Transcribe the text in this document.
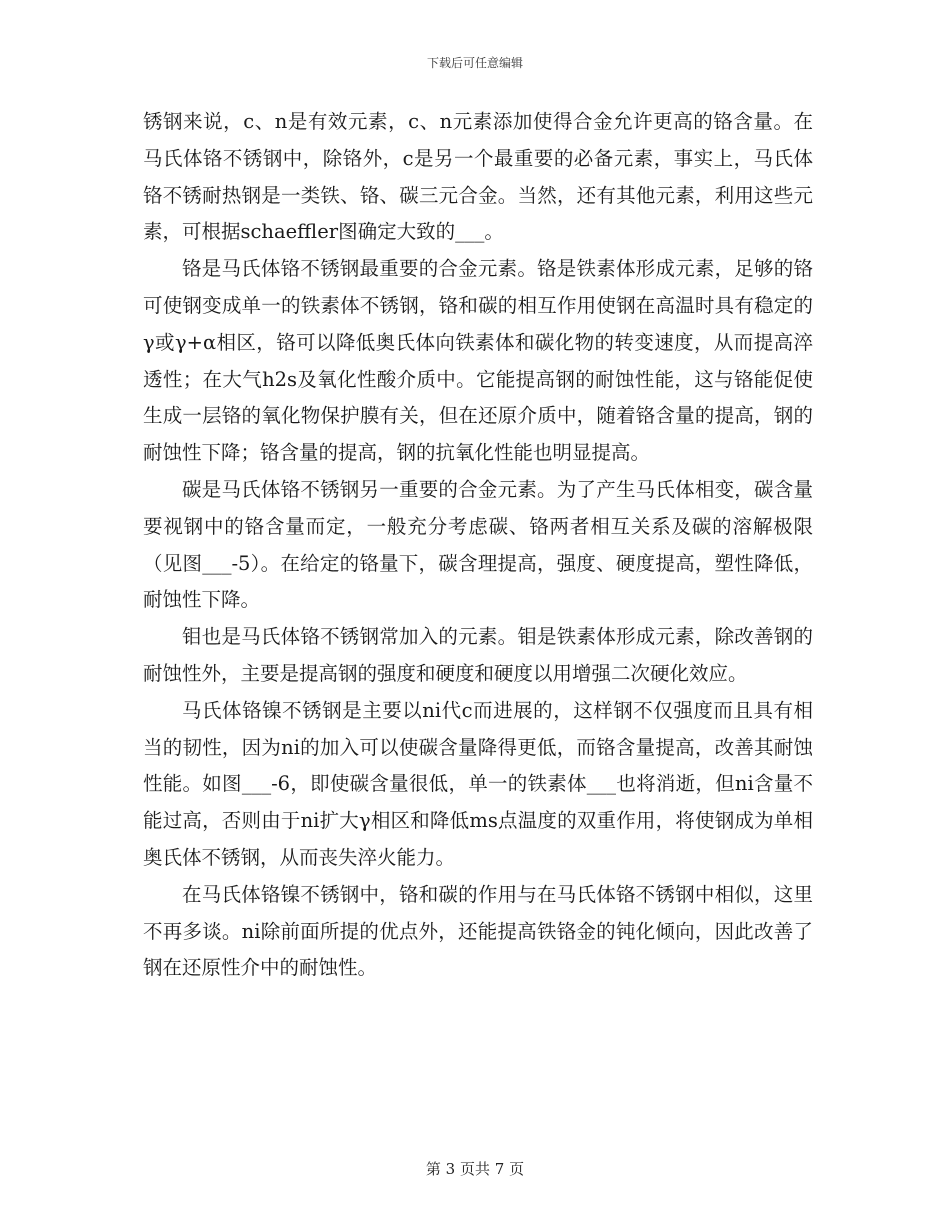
下载后可任意编辑

锈钢来说，c、n是有效元素，c、n元素添加使得合金允许更高的铬含量。在马氏体铬不锈钢中，除铬外，c是另一个最重要的必备元素，事实上，马氏体铬不锈耐热钢是一类铁、铬、碳三元合金。当然，还有其他元素，利用这些元素，可根据schaeffler图确定大致的___。

铬是马氏体铬不锈钢最重要的合金元素。铬是铁素体形成元素，足够的铬可使钢变成单一的铁素体不锈钢，铬和碳的相互作用使钢在高温时具有稳定的γ或γ+α相区，铬可以降低奥氏体向铁素体和碳化物的转变速度，从而提高淬透性；在大气h2s及氧化性酸介质中。它能提高钢的耐蚀性能，这与铬能促使生成一层铬的氧化物保护膜有关，但在还原介质中，随着铬含量的提高，钢的耐蚀性下降；铬含量的提高，钢的抗氧化性能也明显提高。

碳是马氏体铬不锈钢另一重要的合金元素。为了产生马氏体相变，碳含量要视钢中的铬含量而定，一般充分考虑碳、铬两者相互关系及碳的溶解极限（见图___-5）。在给定的铬量下，碳含理提高，强度、硬度提高，塑性降低，耐蚀性下降。

钼也是马氏体铬不锈钢常加入的元素。钼是铁素体形成元素，除改善钢的耐蚀性外，主要是提高钢的强度和硬度和硬度以用增强二次硬化效应。

马氏体铬镍不锈钢是主要以ni代c而进展的，这样钢不仅强度而且具有相当的韧性，因为ni的加入可以使碳含量降得更低，而铬含量提高，改善其耐蚀性能。如图___-6，即使碳含量很低，单一的铁素体___也将消逝，但ni含量不能过高，否则由于ni扩大γ相区和降低ms点温度的双重作用，将使钢成为单相奥氏体不锈钢，从而丧失淬火能力。

在马氏体铬镍不锈钢中，铬和碳的作用与在马氏体铬不锈钢中相似，这里不再多谈。ni除前面所提的优点外，还能提高铁铬金的钝化倾向，因此改善了钢在还原性介中的耐蚀性。

第 3 页共 7 页
